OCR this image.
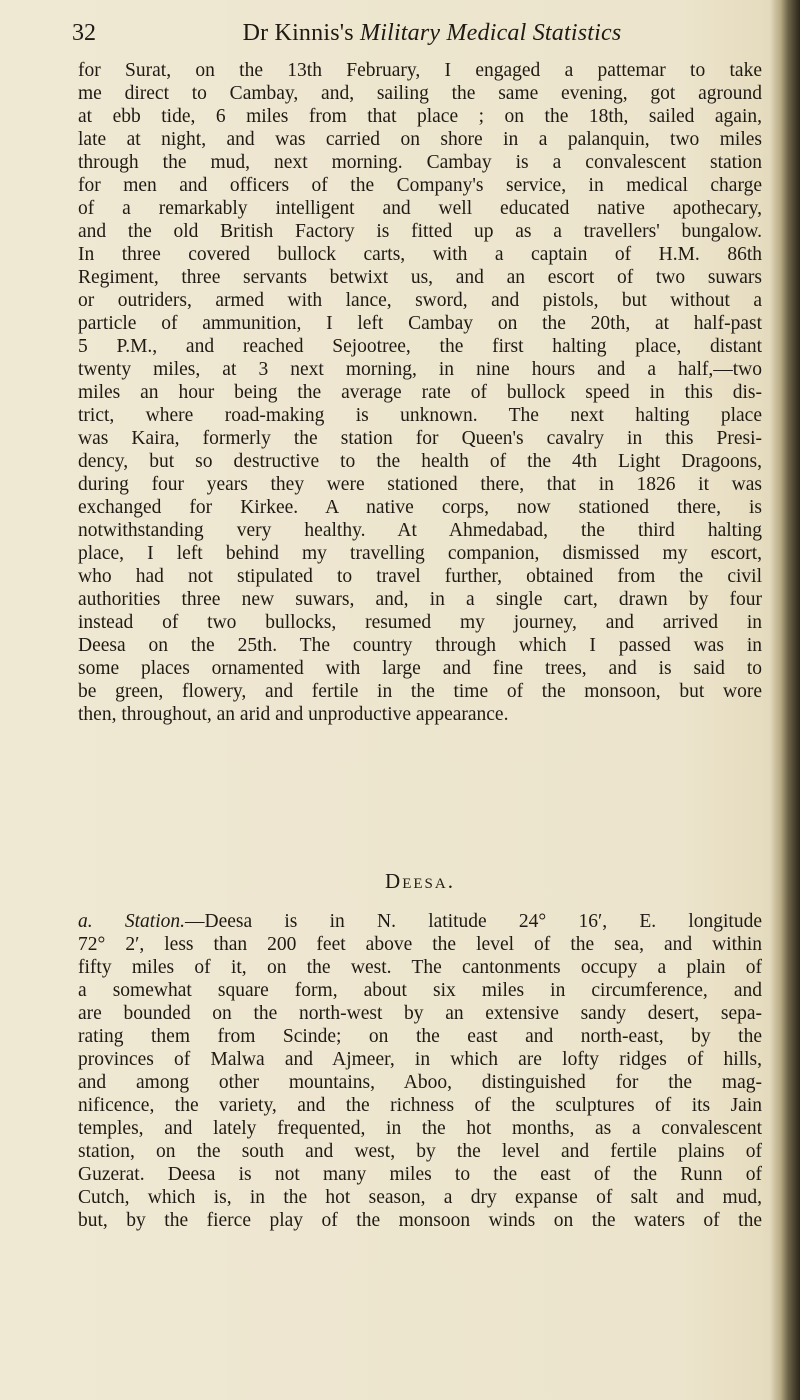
32	Dr Kinnis's Military Medical Statistics
for Surat, on the 13th February, I engaged a pattemar to take
me direct to Cambay, and, sailing the same evening, got aground
at ebb tide, 6 miles from that place ; on the 18th, sailed again,
late at night, and was carried on shore in a palanquin, two miles
through the mud, next morning. Cambay is a convalescent station
for men and officers of the Company's service, in medical charge
of a remarkably intelligent and well educated native apothecary,
and the old British Factory is fitted up as a travellers' bungalow.
In three covered bullock carts, with a captain of H.M. 86th
Regiment, three servants betwixt us, and an escort of two suwars
or outriders, armed with lance, sword, and pistols, but without a
particle of ammunition, I left Cambay on the 20th, at half-past
5 P.M., and reached Sejootree, the first halting place, distant
twenty miles, at 3 next morning, in nine hours and a half,—two
miles an hour being the average rate of bullock speed in this dis-
trict, where road-making is unknown. The next halting place
was Kaira, formerly the station for Queen's cavalry in this Presi-
dency, but so destructive to the health of the 4th Light Dragoons,
during four years they were stationed there, that in 1826 it was
exchanged for Kirkee. A native corps, now stationed there, is
notwithstanding very healthy. At Ahmedabad, the third halting
place, I left behind my travelling companion, dismissed my escort,
who had not stipulated to travel further, obtained from the civil
authorities three new suwars, and, in a single cart, drawn by four
instead of two bullocks, resumed my journey, and arrived in
Deesa on the 25th. The country through which I passed was in
some places ornamented with large and fine trees, and is said to
be green, flowery, and fertile in the time of the monsoon, but wore
then, throughout, an arid and unproductive appearance.
Deesa.
a. Station.—Deesa is in N. latitude 24° 16′, E. longitude
72° 2′, less than 200 feet above the level of the sea, and within
fifty miles of it, on the west. The cantonments occupy a plain of
a somewhat square form, about six miles in circumference, and
are bounded on the north-west by an extensive sandy desert, sepa-
rating them from Scinde; on the east and north-east, by the
provinces of Malwa and Ajmeer, in which are lofty ridges of hills,
and among other mountains, Aboo, distinguished for the mag-
nificence, the variety, and the richness of the sculptures of its Jain
temples, and lately frequented, in the hot months, as a convalescent
station, on the south and west, by the level and fertile plains of
Guzerat. Deesa is not many miles to the east of the Runn of
Cutch, which is, in the hot season, a dry expanse of salt and mud,
but, by the fierce play of the monsoon winds on the waters of the
